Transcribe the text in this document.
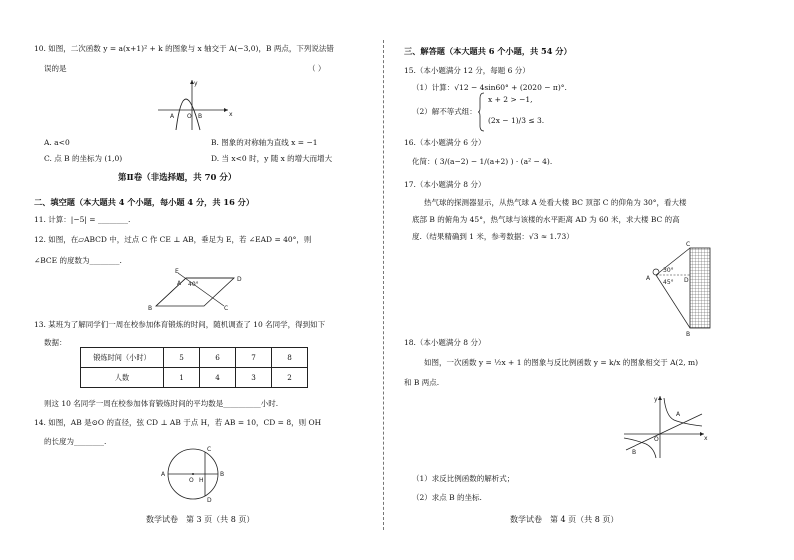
10. 如图，二次函数 y = a(x+1)² + k 的图象与 x 轴交于 A(−3,0)，B 两点，下列说法错
误的是	（ ）
y
x
A	B
O
A. a<0	B. 图象的对称轴为直线 x = −1
C. 点 B 的坐标为 (1,0)	D. 当 x<0 时，y 随 x 的增大而增大
第Ⅱ卷（非选择题，共 70 分）
二、填空题（本大题共 4 个小题，每小题 4 分，共 16 分）
11. 计算：|−5| = ________.
12. 如图，在▱ABCD 中，过点 C 作 CE ⊥ AB，垂足为 E，若 ∠EAD = 40°，则
∠BCE 的度数为________.
E
D
A
B	C
40°
13. 某班为了解同学们一周在校参加体育锻炼的时间，随机调查了 10 名同学，得到如下
数据：
锻炼时间（小时）	5	6	7	8
人数	1	4	3	2
则这 10 名同学一周在校参加体育锻炼时间的平均数是__________小时.
14. 如图，AB 是⊙O 的直径，弦 CD ⊥ AB 于点 H，若 AB = 10，CD = 8，则 OH
的长度为________.
C
A
O H
B
D
数学试卷　第 3 页（共 8 页）
三、解答题（本大题共 6 个小题，共 54 分）
15.（本小题满分 12 分，每题 6 分）
（1）计算：√12 − 4sin60° + (2020 − π)°.
（2）解不等式组：
x + 2 > −1,
(2x − 1)/3 ≤ 3.
16.（本小题满分 6 分）
化简：( 3/(a−2) − 1/(a+2) ) · (a² − 4).
17.（本小题满分 8 分）
热气球的探测器显示，从热气球 A 处看大楼 BC 顶部 C 的仰角为 30°，看大楼
底部 B 的俯角为 45°，热气球与该楼的水平距离 AD 为 60 米，求大楼 BC 的高
度.（结果精确到 1 米，参考数据：√3 ≈ 1.73）
C
A	D
B
30°
45°
18.（本小题满分 8 分）
如图，一次函数 y = ½x + 1 的图象与反比例函数 y = k/x 的图象相交于 A(2, m)
和 B 两点.
y
x
A
B
O
（1）求反比例函数的解析式；
（2）求点 B 的坐标.
数学试卷　第 4 页（共 8 页）
